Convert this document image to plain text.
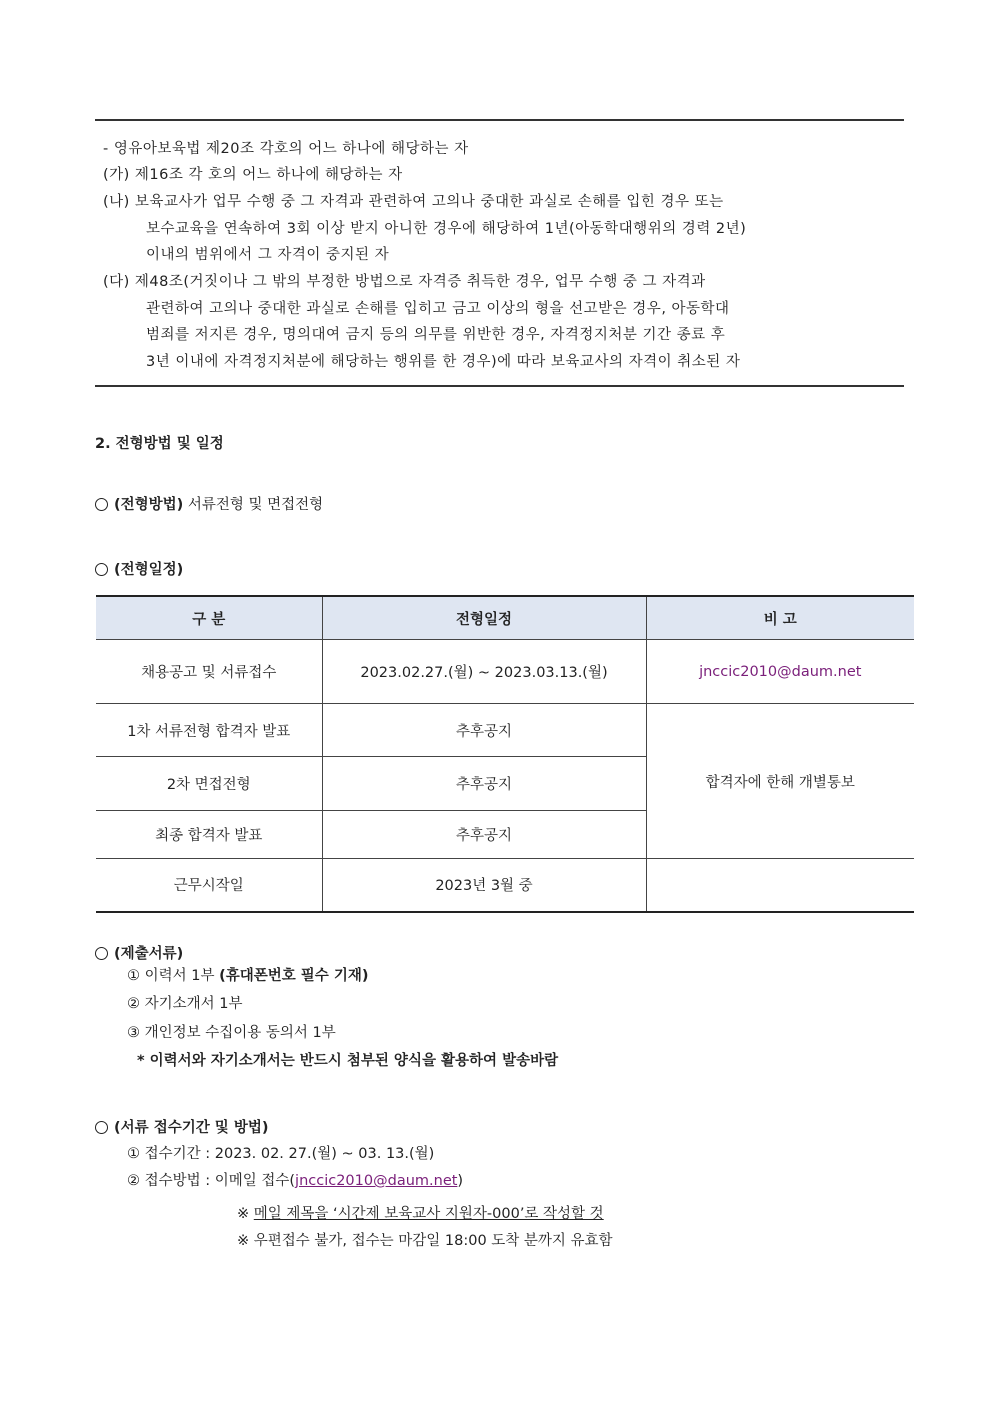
- 영유아보육법 제20조 각호의 어느 하나에 해당하는 자
(가) 제16조 각 호의 어느 하나에 해당하는 자
(나) 보육교사가 업무 수행 중 그 자격과 관련하여 고의나 중대한 과실로 손해를 입힌 경우 또는
보수교육을 연속하여 3회 이상 받지 아니한 경우에 해당하여 1년(아동학대행위의 경력 2년)
이내의 범위에서 그 자격이 중지된 자
(다) 제48조(거짓이나 그 밖의 부정한 방법으로 자격증 취득한 경우, 업무 수행 중 그 자격과
관련하여 고의나 중대한 과실로 손해를 입히고 금고 이상의 형을 선고받은 경우, 아동학대
범죄를 저지른 경우, 명의대여 금지 등의 의무를 위반한 경우, 자격정지처분 기간 종료 후
3년 이내에 자격정지처분에 해당하는 행위를 한 경우)에 따라 보육교사의 자격이 취소된 자
2. 전형방법 및 일정
(전형방법) 서류전형 및 면접전형
(전형일정)
구 분	전형일정	비 고
채용공고 및 서류접수	2023.02.27.(월) ~ 2023.03.13.(월)	jnccic2010@daum.net
1차 서류전형 합격자 발표	추후공지	합격자에 한해 개별통보
2차 면접전형	추후공지	
최종 합격자 발표	추후공지	
근무시작일	2023년 3월 중	
(제출서류)
① 이력서 1부 (휴대폰번호 필수 기재)
② 자기소개서 1부
③ 개인정보 수집이용 동의서 1부
* 이력서와 자기소개서는 반드시 첨부된 양식을 활용하여 발송바람
(서류 접수기간 및 방법)
① 접수기간 : 2023. 02. 27.(월) ~ 03. 13.(월)
② 접수방법 : 이메일 접수(jnccic2010@daum.net)
※ 메일 제목을 ‘시간제 보육교사 지원자-000’로 작성할 것
※ 우편접수 불가, 접수는 마감일 18:00 도착 분까지 유효함
